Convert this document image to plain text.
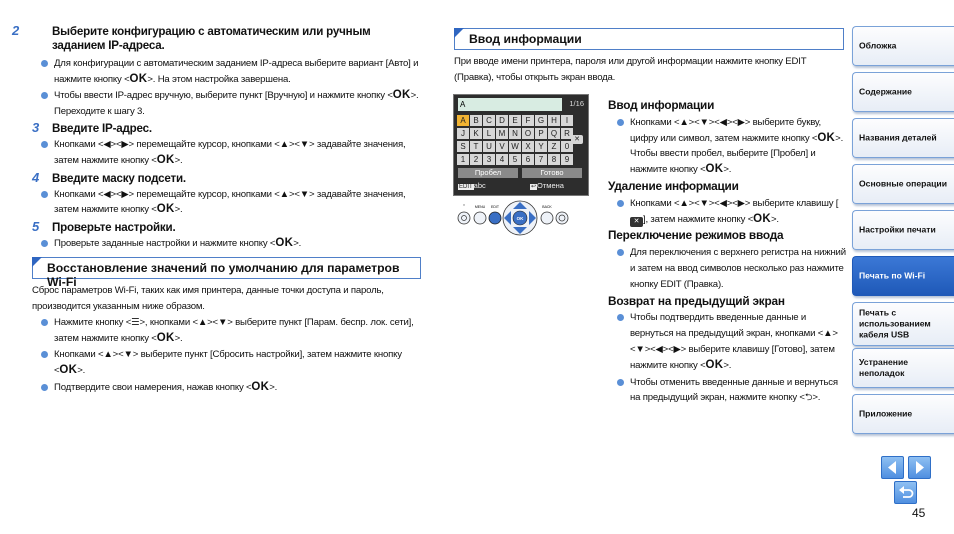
2	Выберите конфигурацию с автоматическим или ручным заданием IP-адреса.
Для конфигурации с автоматическим заданием IP-адреса выберите вариант [Авто] и нажмите кнопку <OK>. На этом настройка завершена.
Чтобы ввести IP-адрес вручную, выберите пункт [Вручную] и нажмите кнопку <OK>. Переходите к шагу 3.
3 Введите IP-адрес.
Кнопками <◀><▶> перемещайте курсор, кнопками <▲><▼> задавайте значения, затем нажмите кнопку <OK>.
4 Введите маску подсети.
Кнопками <◀><▶> перемещайте курсор, кнопками <▲><▼> задавайте значения, затем нажмите кнопку <OK>.
5 Проверьте настройки.
Проверьте заданные настройки и нажмите кнопку <OK>.
Восстановление значений по умолчанию для параметров Wi-Fi
Сброс параметров Wi-Fi, таких как имя принтера, данные точки доступа и пароль, производится указанным ниже образом.
Нажмите кнопку <☰>, кнопками <▲><▼> выберите пункт [Парам. беспр. лок. сети], затем нажмите кнопку <OK>.
Кнопками <▲><▼> выберите пункт [Сбросить настройки], затем нажмите кнопку <OK>.
Подтвердите свои намерения, нажав кнопку <OK>.
Ввод информации
При вводе имени принтера, пароля или другой информации нажмите кнопку EDIT (Правка), чтобы открыть экран ввода.
A	1/16
A B C D E F G H	I
J	K	L M N O P Q R
S T U V W X Y Z	0
1	2	3	4	5	6	7	8	9
✕
Пробел	Готово
EDITabc	↩Отмена
○	MENU EDIT
OK
BACK
Ввод информации
Кнопками <▲><▼><◀><▶> выберите букву, цифру или символ, затем нажмите кнопку <OK>. Чтобы ввести пробел, выберите [Пробел] и нажмите кнопку <OK>.
Удаление информации
Кнопками <▲><▼><◀><▶> выберите клавишу [✕ ], затем нажмите кнопку <OK>.
Переключение режимов ввода
Для переключения с верхнего регистра на нижний и затем на ввод символов несколько раз нажмите кнопку EDIT (Правка).
Возврат на предыдущий экран
Чтобы подтвердить введенные данные и вернуться на предыдущий экран, кнопками <▲><▼><◀><▶> выберите клавишу [Готово], затем нажмите кнопку <OK>.
Чтобы отменить введенные данные и вернуться на предыдущий экран, нажмите кнопку <⮌>.
Обложка
Содержание
Названия деталей
Основные операции
Настройки печати
Печать по Wi-Fi
Печать с использованием кабеля USB
Устранение неполадок
Приложение
45
